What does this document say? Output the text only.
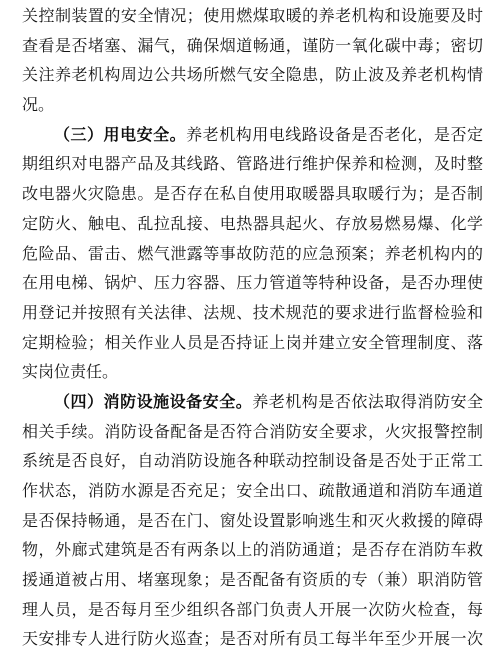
关控制装置的安全情况；使用燃煤取暖的养老机构和设施要及时
查看是否堵塞、漏气，确保烟道畅通，谨防一氧化碳中毒；密切
关注养老机构周边公共场所燃气安全隐患，防止波及养老机构情
况。
（三）用电安全。养老机构用电线路设备是否老化，是否定
期组织对电器产品及其线路、管路进行维护保养和检测，及时整
改电器火灾隐患。是否存在私自使用取暖器具取暖行为；是否制
定防火、触电、乱拉乱接、电热器具起火、存放易燃易爆、化学
危险品、雷击、燃气泄露等事故防范的应急预案；养老机构内的
在用电梯、锅炉、压力容器、压力管道等特种设备，是否办理使
用登记并按照有关法律、法规、技术规范的要求进行监督检验和
定期检验；相关作业人员是否持证上岗并建立安全管理制度、落
实岗位责任。
（四）消防设施设备安全。养老机构是否依法取得消防安全
相关手续。消防设备配备是否符合消防安全要求，火灾报警控制
系统是否良好，自动消防设施各种联动控制设备是否处于正常工
作状态，消防水源是否充足；安全出口、疏散通道和消防车通道
是否保持畅通，是否在门、窗处设置影响逃生和灭火救援的障碍
物，外廊式建筑是否有两条以上的消防通道；是否存在消防车救
援通道被占用、堵塞现象；是否配备有资质的专（兼）职消防管
理人员，是否每月至少组织各部门负责人开展一次防火检查，每
天安排专人进行防火巡查；是否对所有员工每半年至少开展一次
